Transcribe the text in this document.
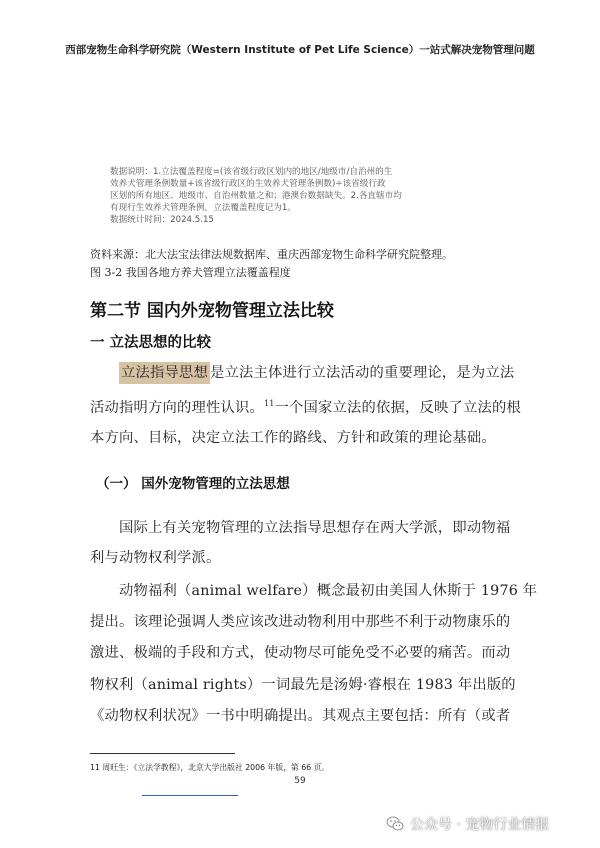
西部宠物生命科学研究院（Western Institute of Pet Life Science）一站式解决宠物管理问题
数据说明：1.立法覆盖程度=(该省级行政区划内的地区/地级市/自治州的生
效养犬管理条例数量+该省级行政区的生效养犬管理条例数)÷该省级行政
区划的所有地区、地级市、自治州数量之和；港澳台数据缺失。2.各直辖市均
有现行生效养犬管理条例，立法覆盖程度记为1。
数据统计时间：2024.5.15
资料来源：北大法宝法律法规数据库、重庆西部宠物生命科学研究院整理。
图 3-2 我国各地方养犬管理立法覆盖程度
第二节 国内外宠物管理立法比较
一 立法思想的比较
立法指导思想 是立法主体进行立法活动的重要理论，是为立法
活动指明方向的理性认识。$^{11}$一个国家立法的依据，反映了立法的根
本方向、目标，决定立法工作的路线、方针和政策的理论基础。
（一） 国外宠物管理的立法思想
国际上有关宠物管理的立法指导思想存在两大学派，即动物福
利与动物权利学派。
动物福利（animal welfare）概念最初由美国人休斯于 1976 年
提出。该理论强调人类应该改进动物利用中那些不利于动物康乐的
激进、极端的手段和方式，使动物尽可能免受不必要的痛苦。而动
物权利（animal rights）一词最先是汤姆·睿根在 1983 年出版的
《动物权利状况》一书中明确提出。其观点主要包括：所有（或者
11 周旺生：《立法学教程》，北京大学出版社 2006 年版，第 66 页。
59
公众号 · 宠物行业情报
